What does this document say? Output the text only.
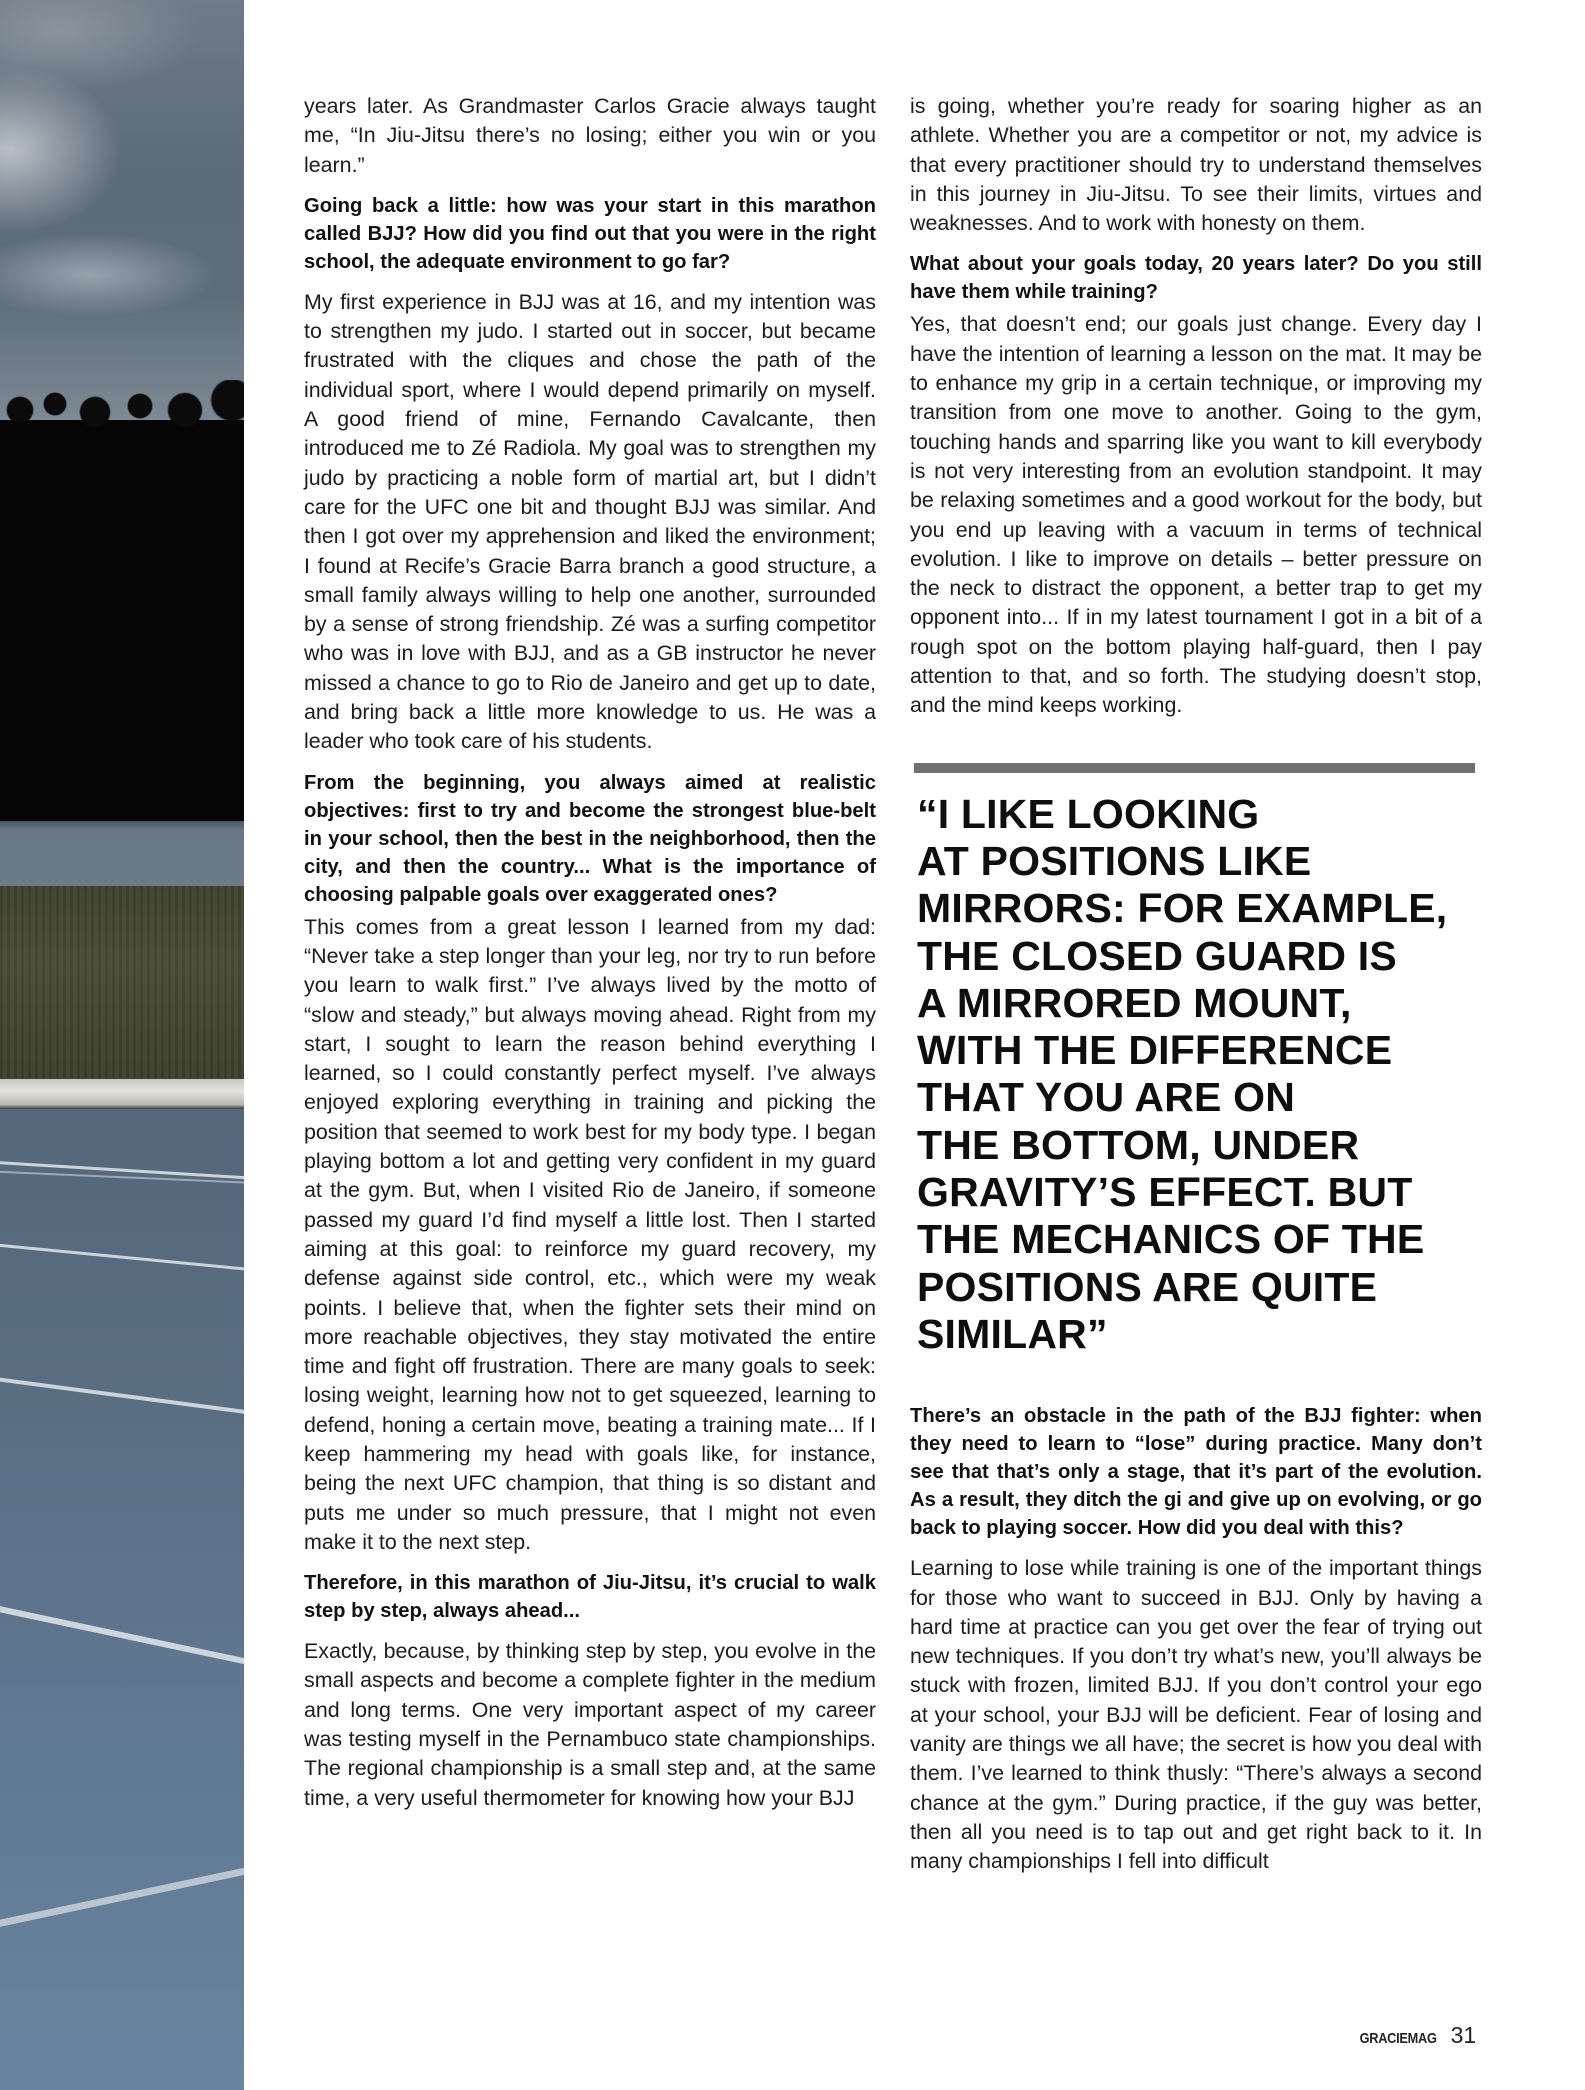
years later. As Grandmaster Carlos Gracie always taught me, “In Jiu-Jitsu there’s no losing; either you win or you learn.”

Going back a little: how was your start in this marathon called BJJ? How did you find out that you were in the right school, the adequate environment to go far?

My first experience in BJJ was at 16, and my intention was to strengthen my judo. I started out in soccer, but became frustrated with the cliques and chose the path of the individual sport, where I would depend primarily on myself. A good friend of mine, Fernando Cavalcante, then introduced me to Zé Radiola. My goal was to strengthen my judo by practicing a noble form of martial art, but I didn’t care for the UFC one bit and thought BJJ was similar. And then I got over my apprehension and liked the environment; I found at Recife’s Gracie Barra branch a good structure, a small family always willing to help one another, surrounded by a sense of strong friendship. Zé was a surfing competitor who was in love with BJJ, and as a GB instructor he never missed a chance to go to Rio de Janeiro and get up to date, and bring back a little more knowledge to us. He was a leader who took care of his students.

From the beginning, you always aimed at realistic objectives: first to try and become the strongest blue-belt in your school, then the best in the neighborhood, then the city, and then the country... What is the importance of choosing palpable goals over exaggerated ones?

This comes from a great lesson I learned from my dad: “Never take a step longer than your leg, nor try to run before you learn to walk first.” I’ve always lived by the motto of “slow and steady,” but always moving ahead. Right from my start, I sought to learn the reason behind everything I learned, so I could constantly perfect myself. I’ve always enjoyed exploring everything in training and picking the position that seemed to work best for my body type. I began playing bottom a lot and getting very confident in my guard at the gym. But, when I visited Rio de Janeiro, if someone passed my guard I’d find myself a little lost. Then I started aiming at this goal: to reinforce my guard recovery, my defense against side control, etc., which were my weak points. I believe that, when the fighter sets their mind on more reachable objectives, they stay motivated the entire time and fight off frustration. There are many goals to seek: losing weight, learning how not to get squeezed, learning to defend, honing a certain move, beating a training mate... If I keep hammering my head with goals like, for instance, being the next UFC champion, that thing is so distant and puts me under so much pressure, that I might not even make it to the next step.

Therefore, in this marathon of Jiu-Jitsu, it’s crucial to walk step by step, always ahead...

Exactly, because, by thinking step by step, you evolve in the small aspects and become a complete fighter in the medium and long terms. One very important aspect of my career was testing myself in the Pernambuco state championships. The regional championship is a small step and, at the same time, a very useful thermometer for knowing how your BJJ

is going, whether you’re ready for soaring higher as an athlete. Whether you are a competitor or not, my advice is that every practitioner should try to understand themselves in this journey in Jiu-Jitsu. To see their limits, virtues and weaknesses. And to work with honesty on them.

What about your goals today, 20 years later? Do you still have them while training?

Yes, that doesn’t end; our goals just change. Every day I have the intention of learning a lesson on the mat. It may be to enhance my grip in a certain technique, or improving my transition from one move to another. Going to the gym, touching hands and sparring like you want to kill everybody is not very interesting from an evolution standpoint. It may be relaxing sometimes and a good workout for the body, but you end up leaving with a vacuum in terms of technical evolution. I like to improve on details – better pressure on the neck to distract the opponent, a better trap to get my opponent into... If in my latest tournament I got in a bit of a rough spot on the bottom playing half-guard, then I pay attention to that, and so forth. The studying doesn’t stop, and the mind keeps working.

“I LIKE LOOKING
AT POSITIONS LIKE
MIRRORS: FOR EXAMPLE,
THE CLOSED GUARD IS
A MIRRORED MOUNT,
WITH THE DIFFERENCE
THAT YOU ARE ON
THE BOTTOM, UNDER
GRAVITY’S EFFECT. BUT
THE MECHANICS OF THE
POSITIONS ARE QUITE
SIMILAR”

There’s an obstacle in the path of the BJJ fighter: when they need to learn to “lose” during practice. Many don’t see that that’s only a stage, that it’s part of the evolution. As a result, they ditch the gi and give up on evolving, or go back to playing soccer. How did you deal with this?

Learning to lose while training is one of the important things for those who want to succeed in BJJ. Only by having a hard time at practice can you get over the fear of trying out new techniques. If you don’t try what’s new, you’ll always be stuck with frozen, limited BJJ. If you don’t control your ego at your school, your BJJ will be deficient. Fear of losing and vanity are things we all have; the secret is how you deal with them. I’ve learned to think thusly: “There’s always a second chance at the gym.” During practice, if the guy was better, then all you need is to tap out and get right back to it. In many championships I fell into difficult

GRACIEMAG 31
